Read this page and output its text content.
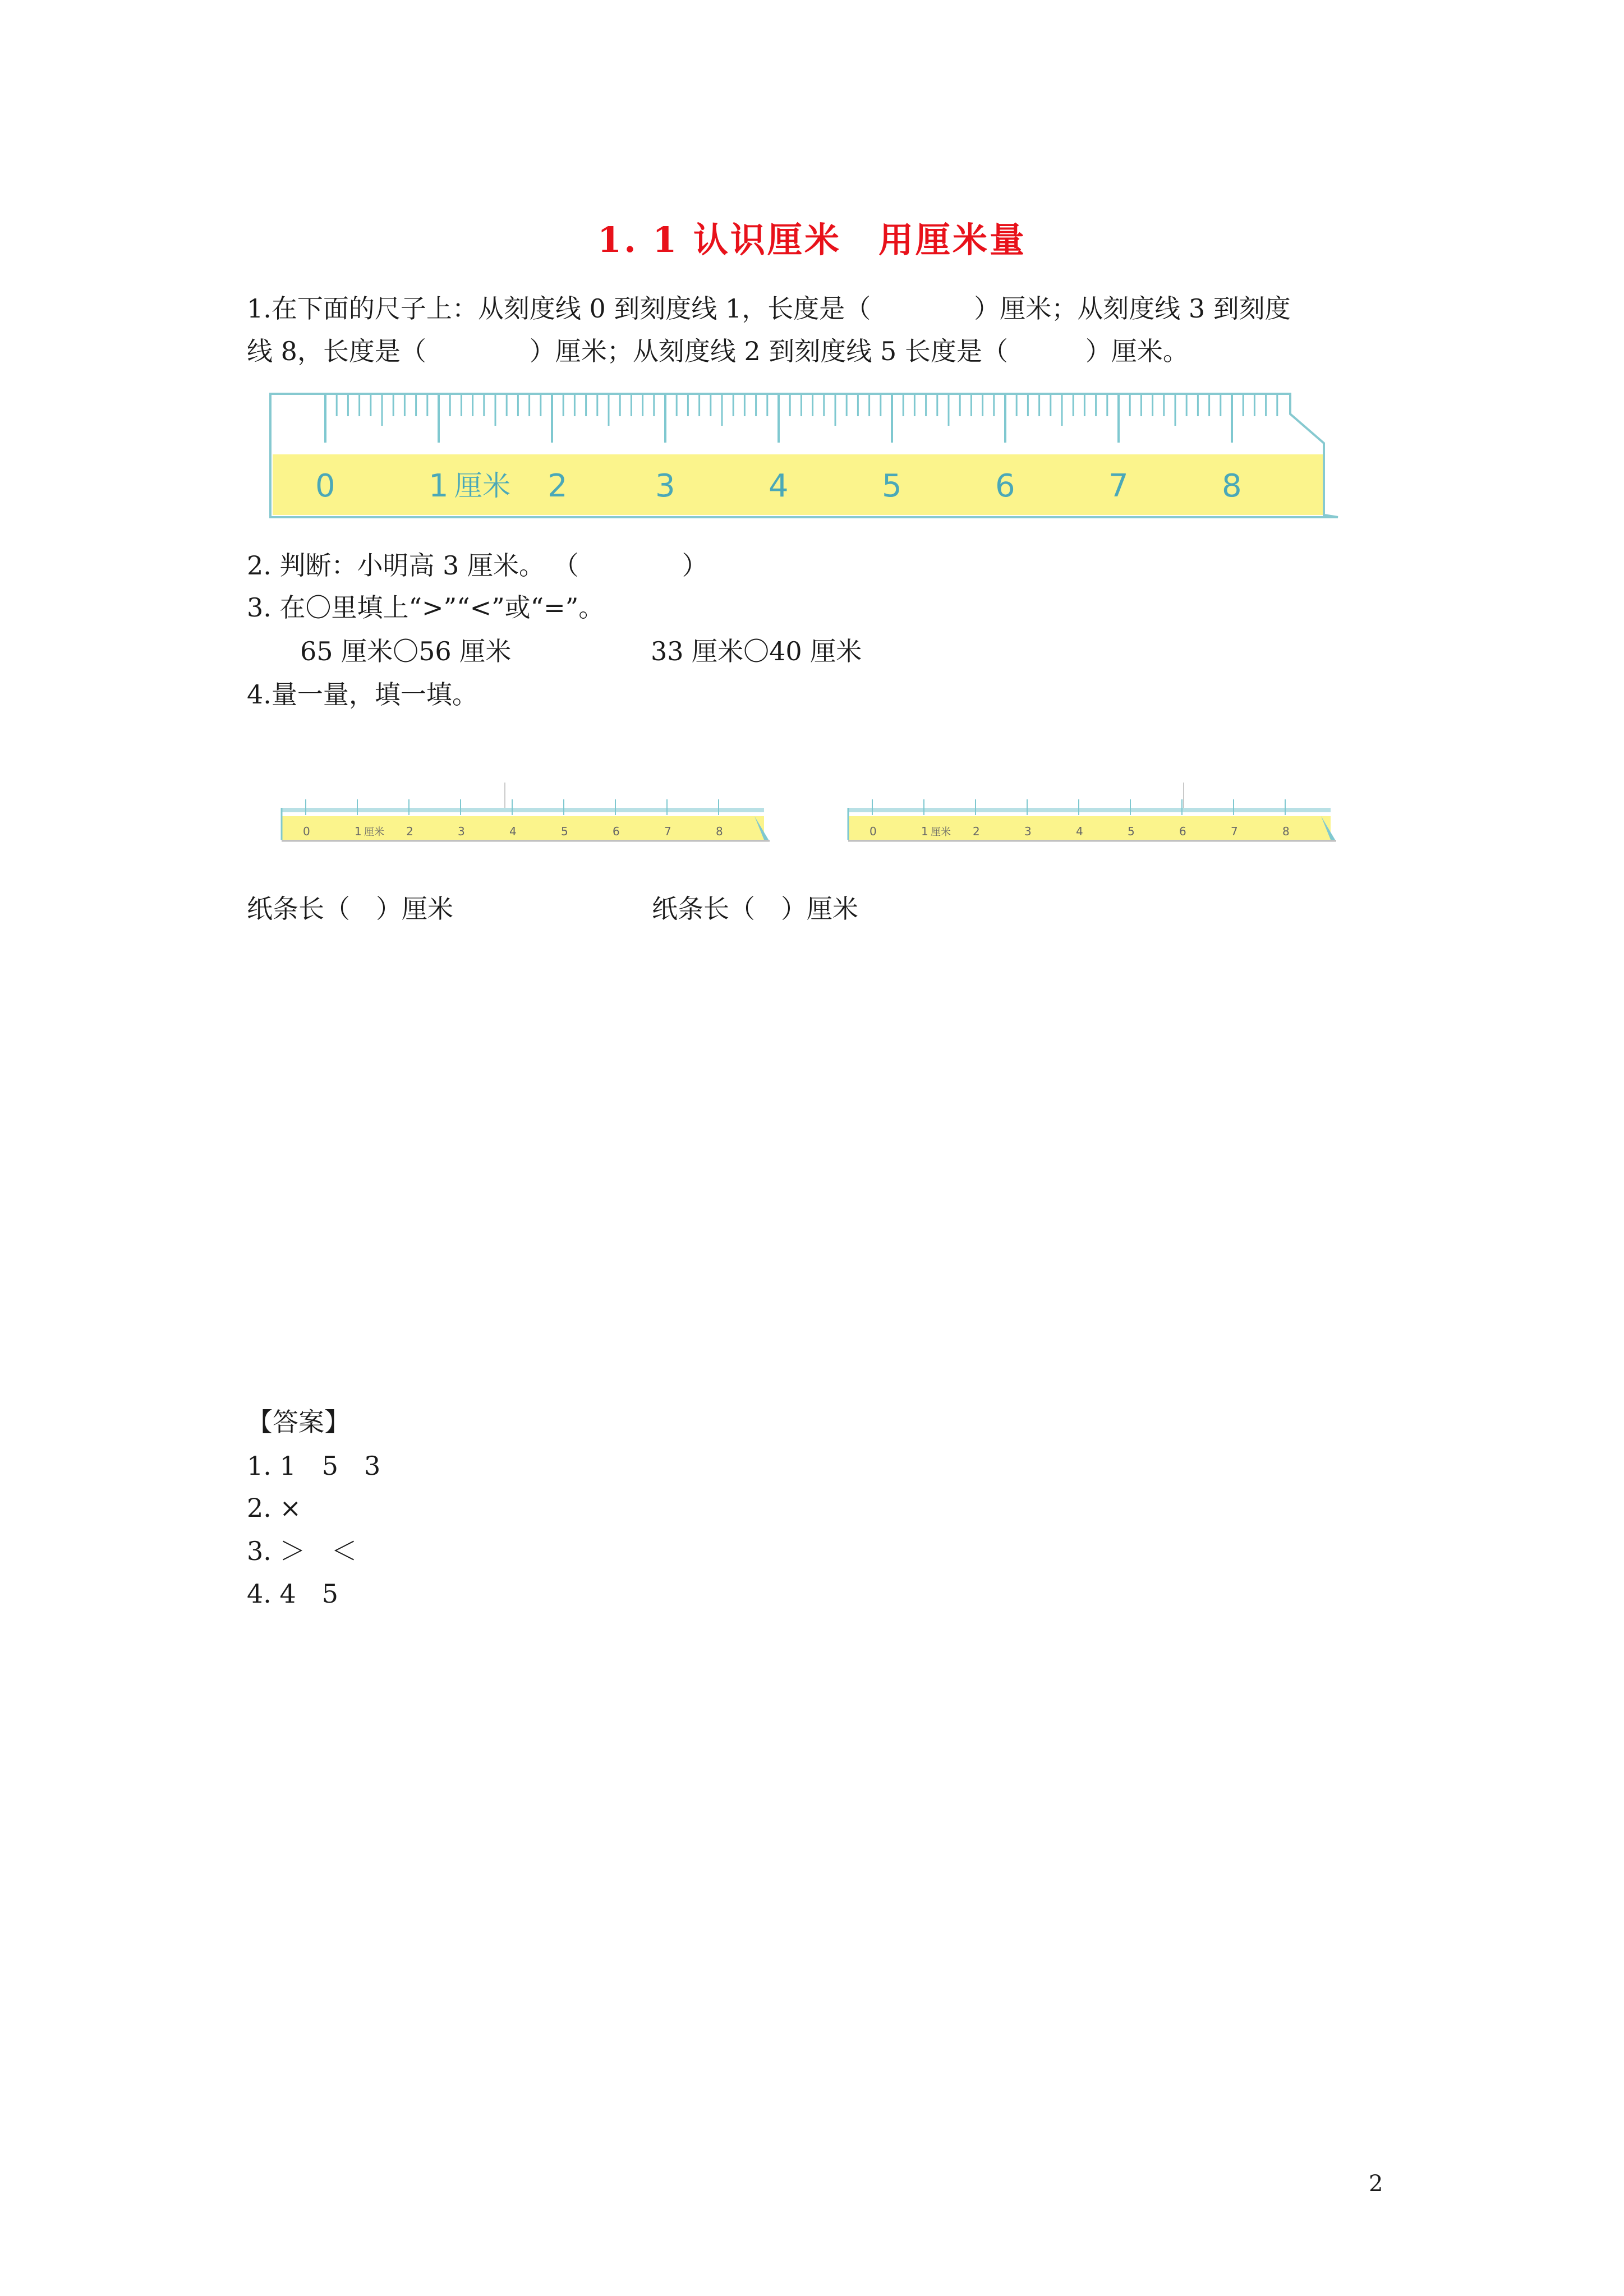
1. 1 认识厘米　用厘米量
1.在下面的尺子上：从刻度线 0 到刻度线 1，长度是（　　　　）厘米；从刻度线 3 到刻度
线 8，长度是（　　　　）厘米；从刻度线 2 到刻度线 5 长度是（　　　）厘米。
0	1 厘米 2	3	4	5	6	7	8
2. 判断：小明高 3 厘米。 （　　　　）
3. 在〇里填上“>”“<”或“=”。
65 厘米〇56 厘米	33 厘米〇40 厘米
4.量一量，填一填。
0	1 厘米 2	3	4	5	6	7	8	0	1 厘米 2	3	4	5	6	7	8
纸条长（　）厘米	纸条长（　）厘米
【答案】
1. 1　5　3
2. ×
3. ＞　＜
4. 4　5
2
